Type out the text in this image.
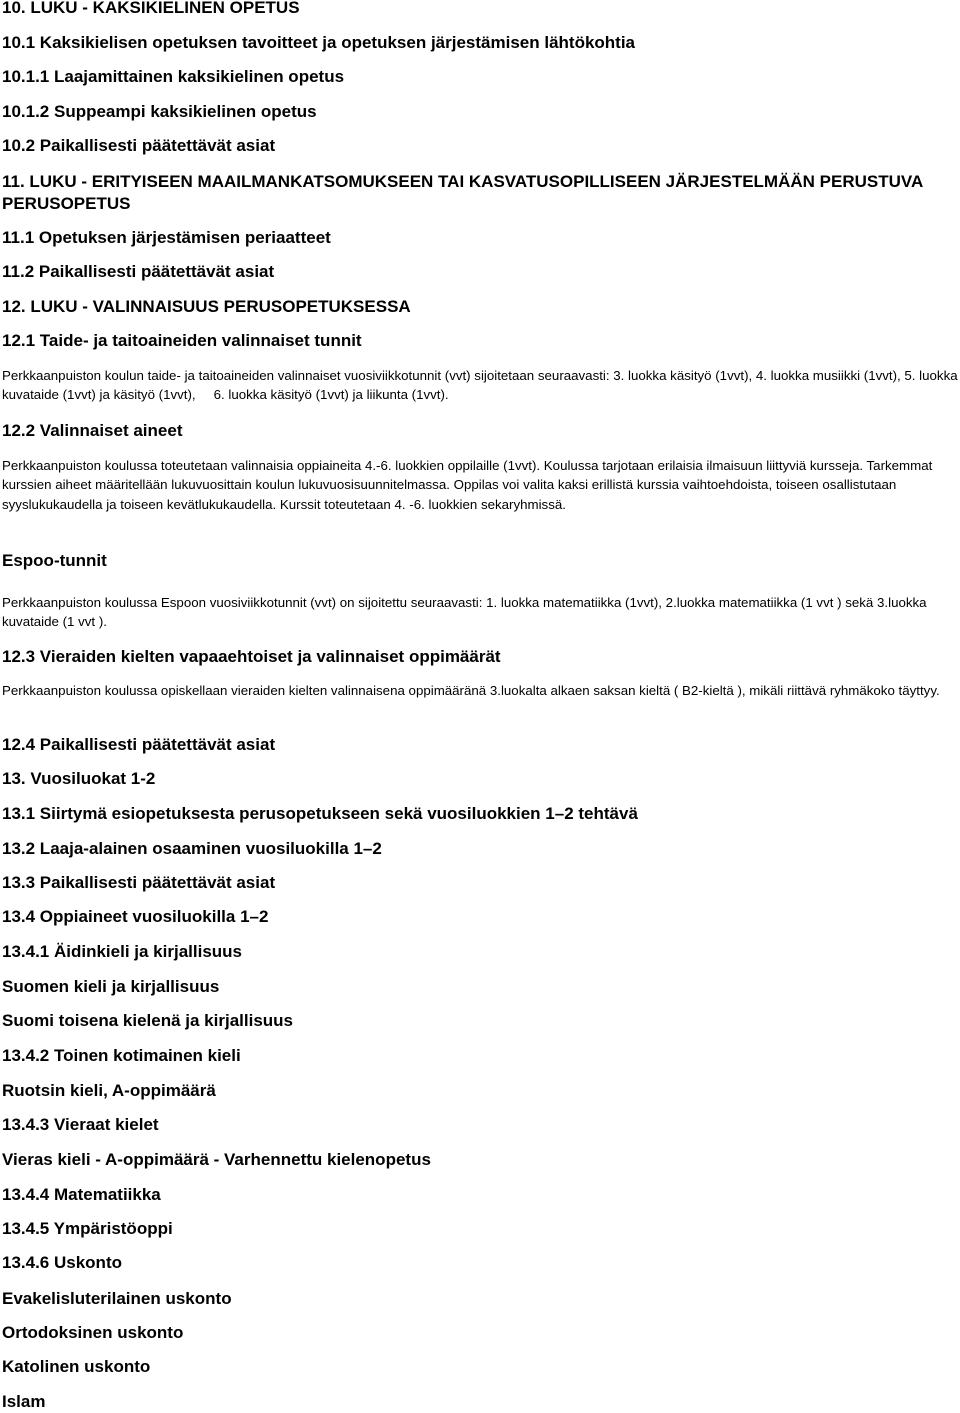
10. LUKU - KAKSIKIELINEN OPETUS
10.1 Kaksikielisen opetuksen tavoitteet ja opetuksen järjestämisen lähtökohtia
10.1.1 Laajamittainen kaksikielinen opetus
10.1.2 Suppeampi kaksikielinen opetus
10.2 Paikallisesti päätettävät asiat
11. LUKU - ERITYISEEN MAAILMANKATSOMUKSEEN TAI KASVATUSOPILLISEEN JÄRJESTELMÄÄN PERUSTUVA PERUSOPETUS
11.1 Opetuksen järjestämisen periaatteet
11.2 Paikallisesti päätettävät asiat
12. LUKU - VALINNAISUUS PERUSOPETUKSESSA
12.1 Taide- ja taitoaineiden valinnaiset tunnit

Perkkaanpuiston koulun taide- ja taitoaineiden valinnaiset vuosiviikkotunnit (vvt) sijoitetaan seuraavasti: 3. luokka käsityö (1vvt), 4. luokka musiikki (1vvt), 5. luokka kuvataide (1vvt) ja käsityö (1vvt), 6. luokka käsityö (1vvt) ja liikunta (1vvt).

12.2 Valinnaiset aineet

Perkkaanpuiston koulussa toteutetaan valinnaisia oppiaineita 4.-6. luokkien oppilaille (1vvt). Koulussa tarjotaan erilaisia ilmaisuun liittyviä kursseja. Tarkemmat kurssien aiheet määritellään lukuvuosittain koulun lukuvuosisuunnitelmassa. Oppilas voi valita kaksi erillistä kurssia vaihtoehdoista, toiseen osallistutaan syyslukukaudella ja toiseen kevätlukukaudella. Kurssit toteutetaan 4. -6. luokkien sekaryhmissä.

Espoo-tunnit

Perkkaanpuiston koulussa Espoon vuosiviikkotunnit (vvt) on sijoitettu seuraavasti: 1. luokka matematiikka (1vvt), 2.luokka matematiikka (1 vvt ) sekä 3.luokka kuvataide (1 vvt ).

12.3 Vieraiden kielten vapaaehtoiset ja valinnaiset oppimäärät

Perkkaanpuiston koulussa opiskellaan vieraiden kielten valinnaisena oppimääränä 3.luokalta alkaen saksan kieltä ( B2-kieltä ), mikäli riittävä ryhmäkoko täyttyy.

12.4 Paikallisesti päätettävät asiat
13. Vuosiluokat 1-2
13.1 Siirtymä esiopetuksesta perusopetukseen sekä vuosiluokkien 1–2 tehtävä
13.2 Laaja-alainen osaaminen vuosiluokilla 1–2
13.3 Paikallisesti päätettävät asiat
13.4 Oppiaineet vuosiluokilla 1–2
13.4.1 Äidinkieli ja kirjallisuus
Suomen kieli ja kirjallisuus
Suomi toisena kielenä ja kirjallisuus
13.4.2 Toinen kotimainen kieli
Ruotsin kieli, A-oppimäärä
13.4.3 Vieraat kielet
Vieras kieli - A-oppimäärä - Varhennettu kielenopetus
13.4.4 Matematiikka
13.4.5 Ympäristöoppi
13.4.6 Uskonto
Evakelisluterilainen uskonto
Ortodoksinen uskonto
Katolinen uskonto
Islam
